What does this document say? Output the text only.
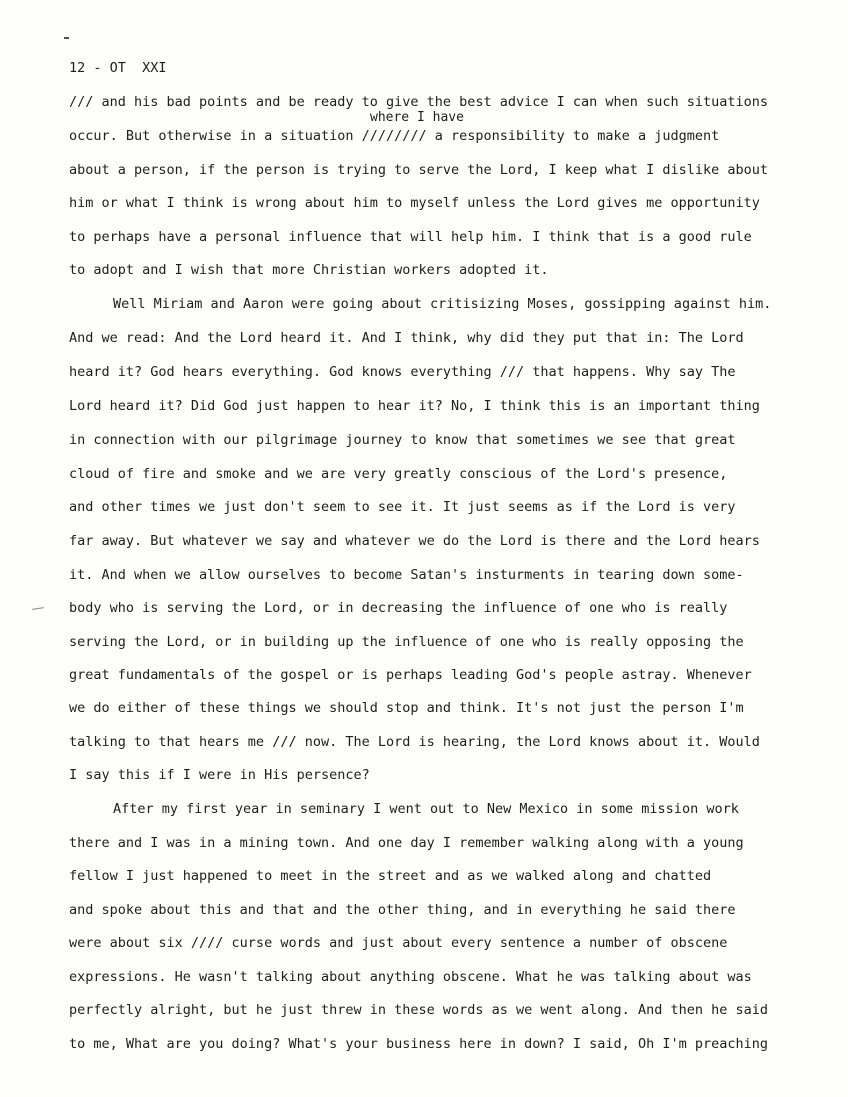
12 - OT  XXI
where I have
/// and his bad points and be ready to give the best advice I can when such situations
occur. But otherwise in a situation //////// a responsibility to make a judgment
about a person, if the person is trying to serve the Lord, I keep what I dislike about
him or what I think is wrong about him to myself unless the Lord gives me opportunity
to perhaps have a personal influence that will help him. I think that is a good rule
to adopt and I wish that more Christian workers adopted it.
Well Miriam and Aaron were going about critisizing Moses, gossipping against him.
And we read: And the Lord heard it. And I think, why did they put that in: The Lord
heard it? God hears everything. God knows everything /// that happens. Why say The
Lord heard it? Did God just happen to hear it? No, I think this is an important thing
in connection with our pilgrimage journey to know that sometimes we see that great
cloud of fire and smoke and we are very greatly conscious of the Lord's presence,
and other times we just don't seem to see it. It just seems as if the Lord is very
far away. But whatever we say and whatever we do the Lord is there and the Lord hears
it. And when we allow ourselves to become Satan's insturments in tearing down some-
body who is serving the Lord, or in decreasing the influence of one who is really
serving the Lord, or in building up the influence of one who is really opposing the
great fundamentals of the gospel or is perhaps leading God's people astray. Whenever
we do either of these things we should stop and think. It's not just the person I'm
talking to that hears me /// now. The Lord is hearing, the Lord knows about it. Would
I say this if I were in His persence?
After my first year in seminary I went out to New Mexico in some mission work
there and I was in a mining town. And one day I remember walking along with a young
fellow I just happened to meet in the street and as we walked along and chatted
and spoke about this and that and the other thing, and in everything he said there
were about six //// curse words and just about every sentence a number of obscene
expressions. He wasn't talking about anything obscene. What he was talking about was
perfectly alright, but he just threw in these words as we went along. And then he said
to me, What are you doing? What's your business here in down? I said, Oh I'm preaching
